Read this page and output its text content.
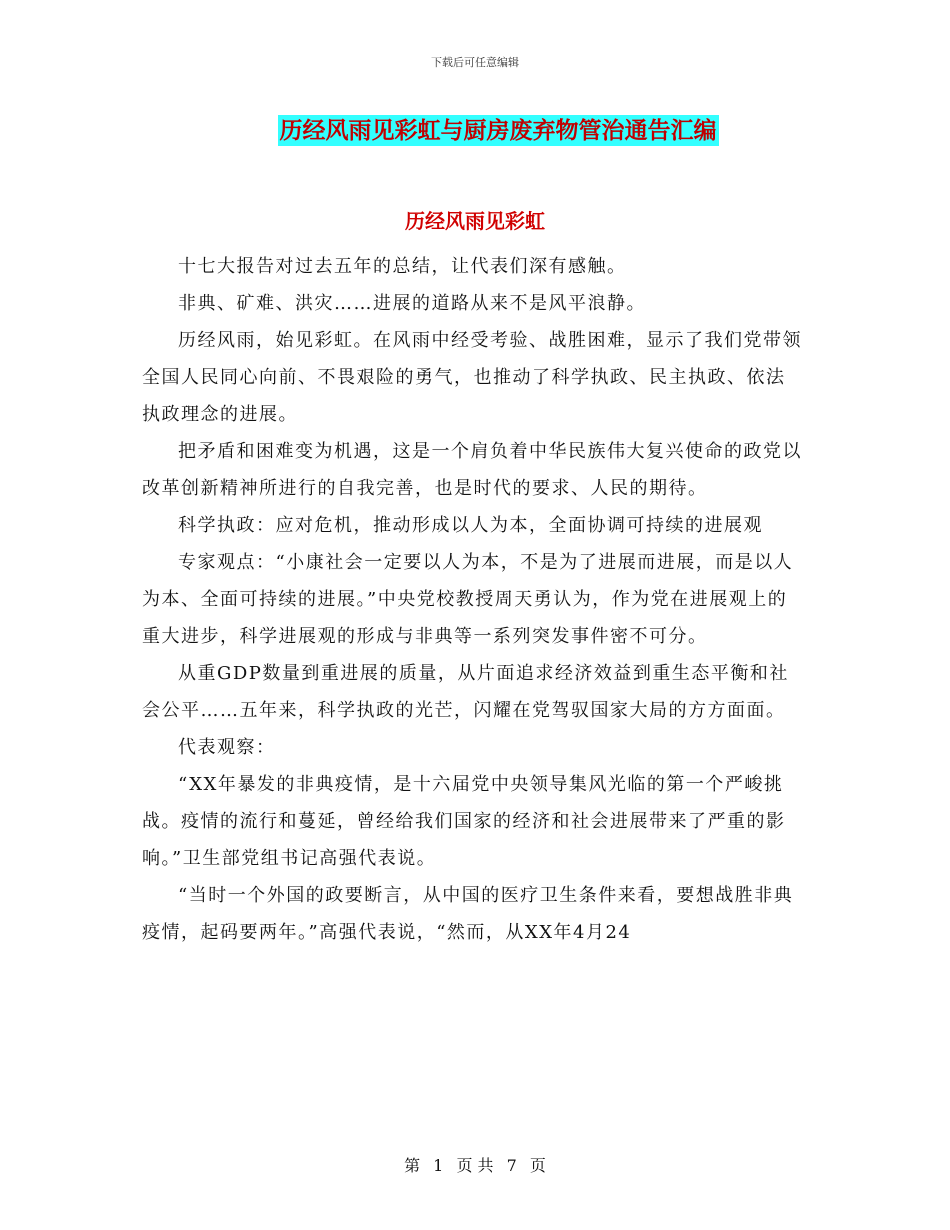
下载后可任意编辑
历经风雨见彩虹与厨房废弃物管治通告汇编
历经风雨见彩虹

十七大报告对过去五年的总结，让代表们深有感触。

非典、矿难、洪灾……进展的道路从来不是风平浪静。

历经风雨，始见彩虹。在风雨中经受考验、战胜困难，显示了我们党带领全国人民同心向前、不畏艰险的勇气，也推动了科学执政、民主执政、依法执政理念的进展。

把矛盾和困难变为机遇，这是一个肩负着中华民族伟大复兴使命的政党以改革创新精神所进行的自我完善，也是时代的要求、人民的期待。

科学执政：应对危机，推动形成以人为本，全面协调可持续的进展观

专家观点：“小康社会一定要以人为本，不是为了进展而进展，而是以人为本、全面可持续的进展。”中央党校教授周天勇认为，作为党在进展观上的重大进步，科学进展观的形成与非典等一系列突发事件密不可分。

从重GDP数量到重进展的质量，从片面追求经济效益到重生态平衡和社会公平……五年来，科学执政的光芒，闪耀在党驾驭国家大局的方方面面。

代表观察：

“XX年暴发的非典疫情，是十六届党中央领导集风光临的第一个严峻挑战。疫情的流行和蔓延，曾经给我们国家的经济和社会进展带来了严重的影响。”卫生部党组书记高强代表说。

“当时一个外国的政要断言，从中国的医疗卫生条件来看，要想战胜非典疫情，起码要两年。”高强代表说，“然而，从XX年4月24

第 1 页 共 7 页
